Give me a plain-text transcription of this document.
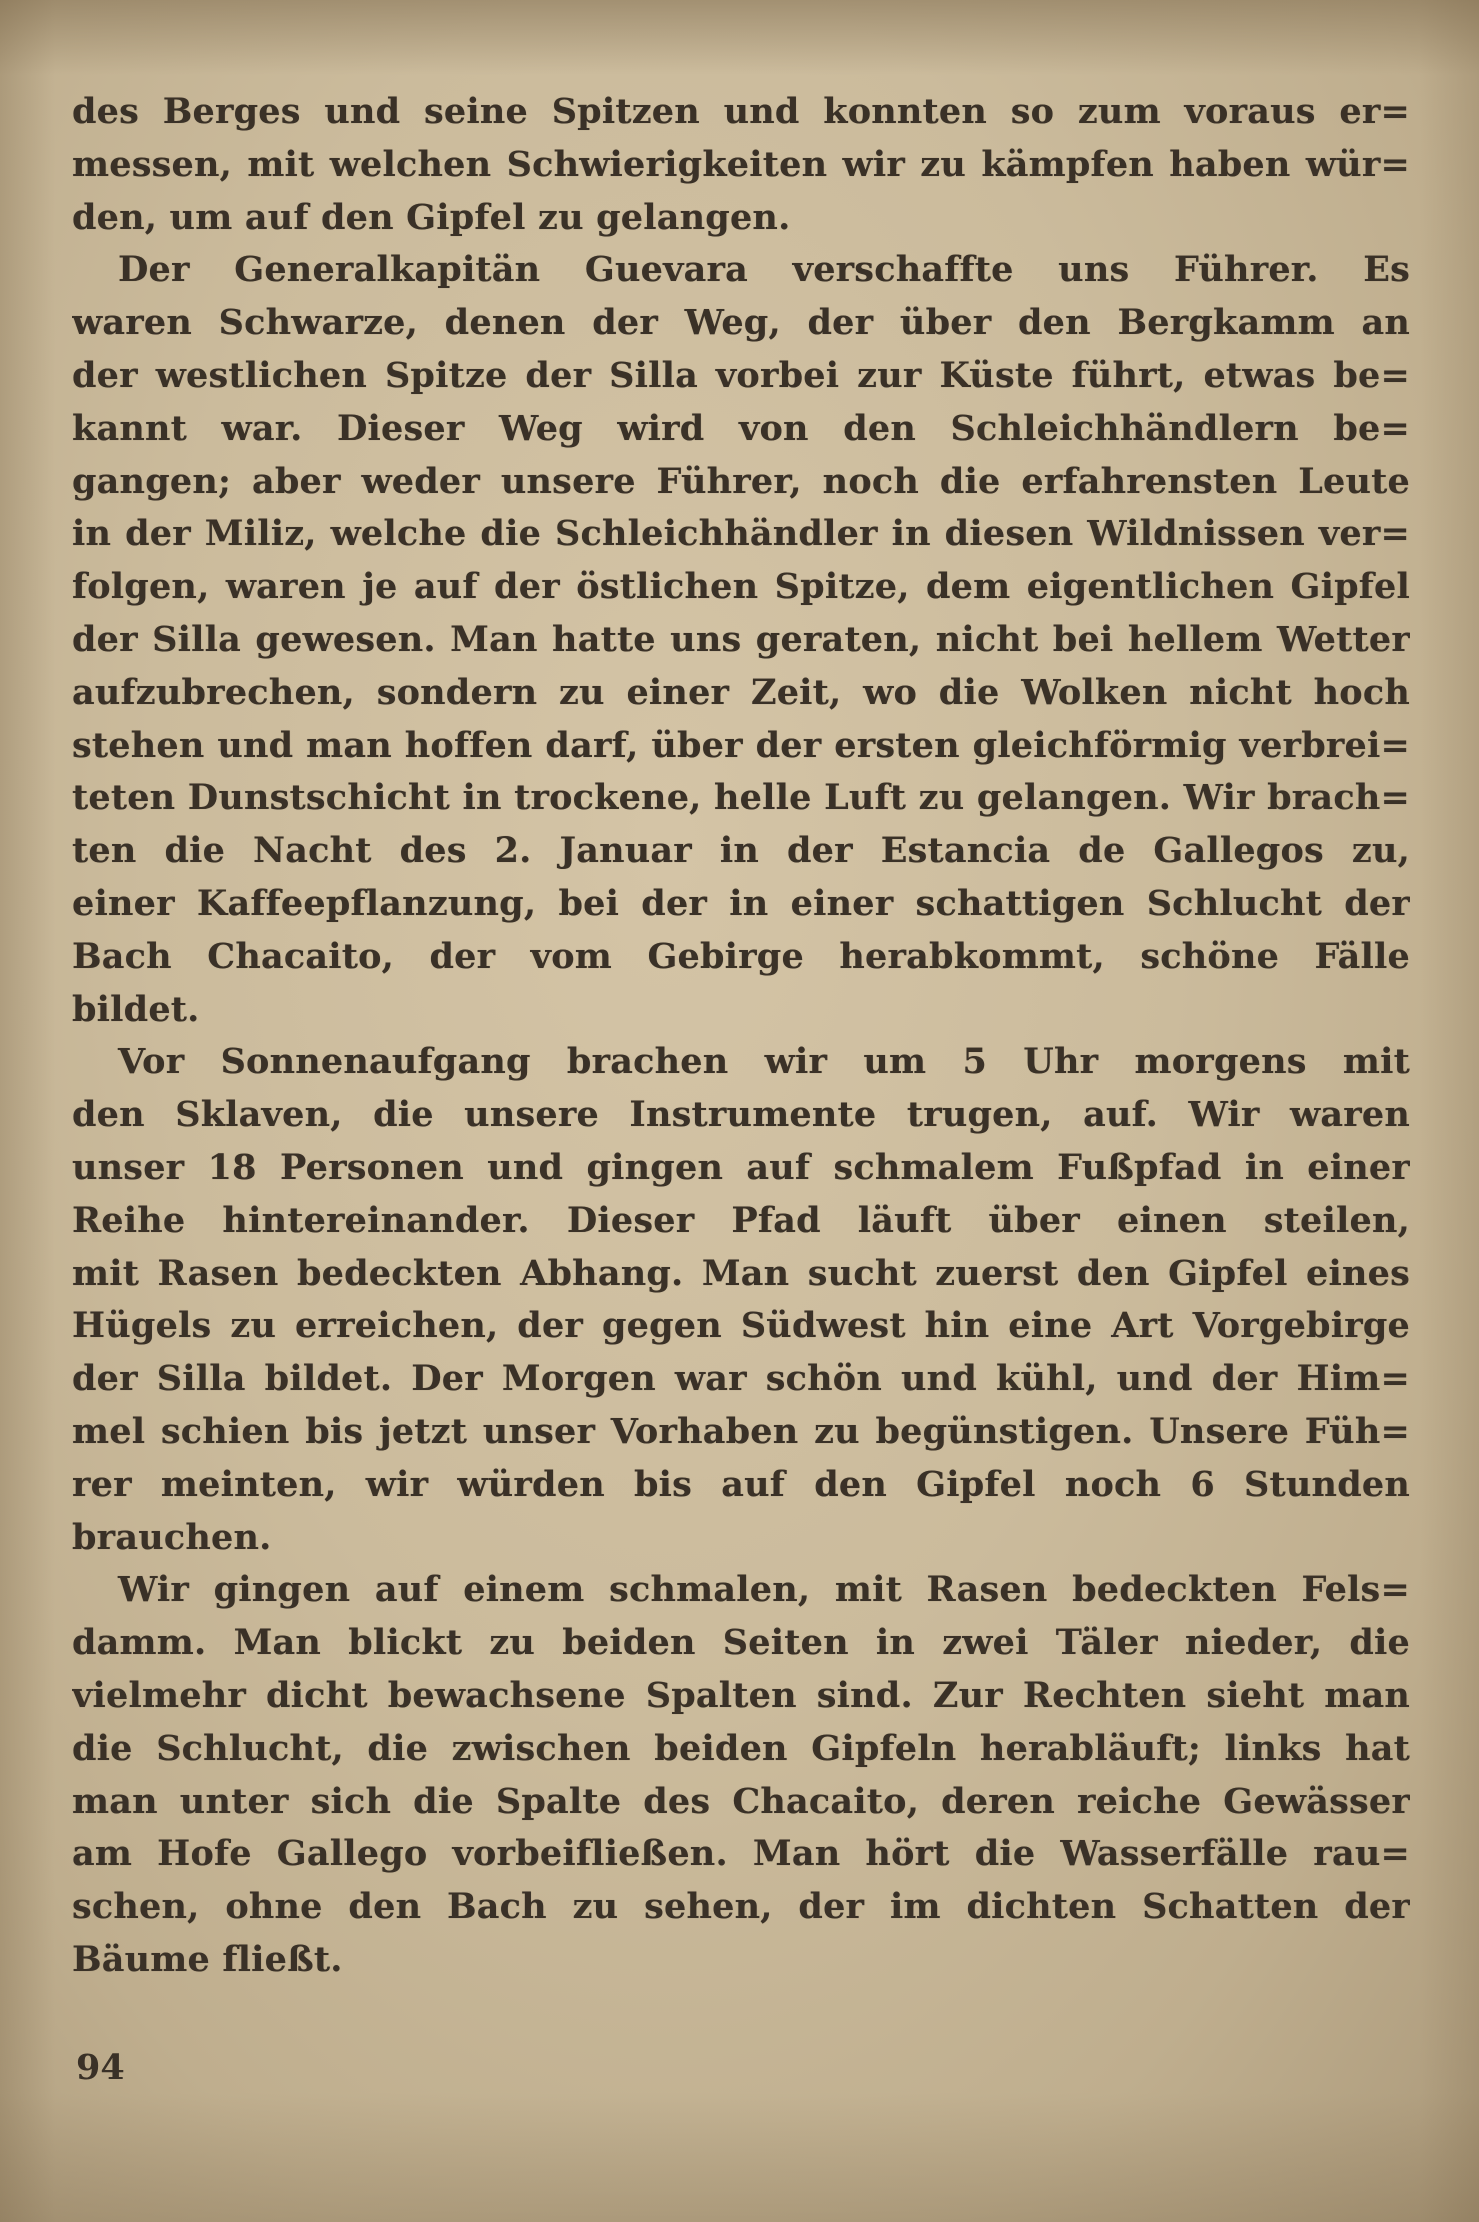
des Berges und seine Spitzen und konnten so zum voraus er=
messen, mit welchen Schwierigkeiten wir zu kämpfen haben wür=
den, um auf den Gipfel zu gelangen.
Der Generalkapitän Guevara verschaffte uns Führer. Es
waren Schwarze, denen der Weg, der über den Bergkamm an
der westlichen Spitze der Silla vorbei zur Küste führt, etwas be=
kannt war. Dieser Weg wird von den Schleichhändlern be=
gangen; aber weder unsere Führer, noch die erfahrensten Leute
in der Miliz, welche die Schleichhändler in diesen Wildnissen ver=
folgen, waren je auf der östlichen Spitze, dem eigentlichen Gipfel
der Silla gewesen. Man hatte uns geraten, nicht bei hellem Wetter
aufzubrechen, sondern zu einer Zeit, wo die Wolken nicht hoch
stehen und man hoffen darf, über der ersten gleichförmig verbrei=
teten Dunstschicht in trockene, helle Luft zu gelangen. Wir brach=
ten die Nacht des 2. Januar in der Estancia de Gallegos zu,
einer Kaffeepflanzung, bei der in einer schattigen Schlucht der
Bach Chacaito, der vom Gebirge herabkommt, schöne Fälle
bildet.
Vor Sonnenaufgang brachen wir um 5 Uhr morgens mit
den Sklaven, die unsere Instrumente trugen, auf. Wir waren
unser 18 Personen und gingen auf schmalem Fußpfad in einer
Reihe hintereinander. Dieser Pfad läuft über einen steilen,
mit Rasen bedeckten Abhang. Man sucht zuerst den Gipfel eines
Hügels zu erreichen, der gegen Südwest hin eine Art Vorgebirge
der Silla bildet. Der Morgen war schön und kühl, und der Him=
mel schien bis jetzt unser Vorhaben zu begünstigen. Unsere Füh=
rer meinten, wir würden bis auf den Gipfel noch 6 Stunden
brauchen.
Wir gingen auf einem schmalen, mit Rasen bedeckten Fels=
damm. Man blickt zu beiden Seiten in zwei Täler nieder, die
vielmehr dicht bewachsene Spalten sind. Zur Rechten sieht man
die Schlucht, die zwischen beiden Gipfeln herabläuft; links hat
man unter sich die Spalte des Chacaito, deren reiche Gewässer
am Hofe Gallego vorbeifließen. Man hört die Wasserfälle rau=
schen, ohne den Bach zu sehen, der im dichten Schatten der
Bäume fließt.
94
